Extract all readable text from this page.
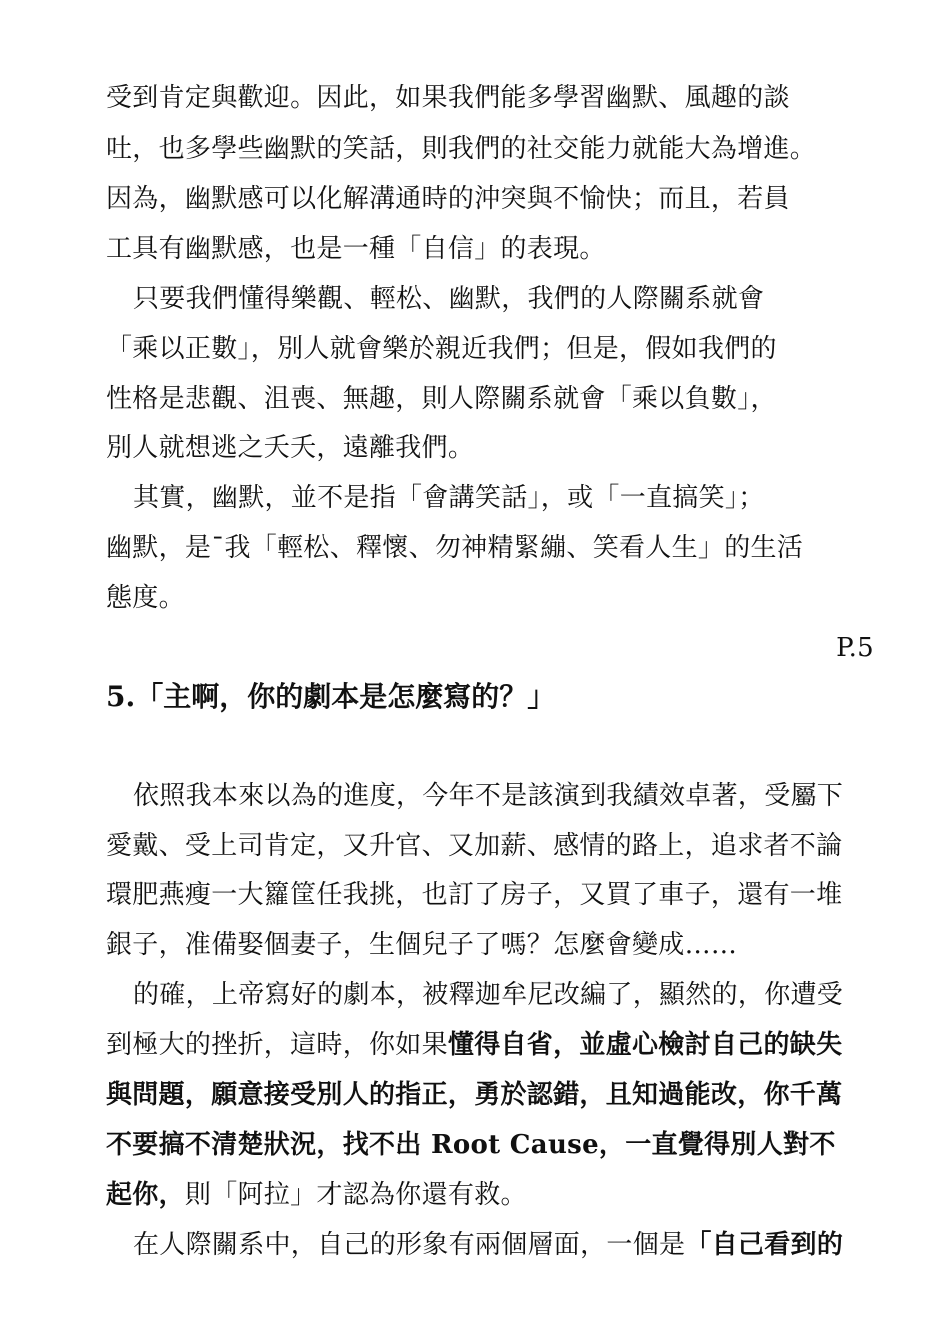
受到肯定與歡迎。因此，如果我們能多學習幽默、風趣的談
吐，也多學些幽默的笑話，則我們的社交能力就能大為增進。
因為，幽默感可以化解溝通時的沖突與不愉快；而且，若員
工具有幽默感，也是一種「自信」的表現。
只要我們懂得樂觀、輕松、幽默，我們的人際關系就會
「乘以正數」，別人就會樂於親近我們；但是，假如我們的
性格是悲觀、沮喪、無趣，則人際關系就會「乘以負數」，
別人就想逃之夭夭，遠離我們。
其實，幽默，並不是指「會講笑話」，或「一直搞笑」；
幽默，是ˉ我「輕松、釋懷、勿神精緊繃、笑看人生」的生活
態度。
P.5
5.「主啊，你的劇本是怎麼寫的？」
依照我本來以為的進度，今年不是該演到我績效卓著，受屬下
愛戴、受上司肯定，又升官、又加薪、感情的路上，追求者不論
環肥燕瘦一大籮筐任我挑，也訂了房子，又買了車子，還有一堆
銀子，准備娶個妻子，生個兒子了嗎？怎麼會變成……
的確，上帝寫好的劇本，被釋迦牟尼改編了，顯然的，你遭受
到極大的挫折，這時，你如果懂得自省，並虛心檢討自己的缺失
與問題，願意接受別人的指正，勇於認錯，且知過能改，你千萬
不要搞不清楚狀況，找不出 Root Cause，一直覺得別人對不
起你，則「阿拉」才認為你還有救。
在人際關系中，自己的形象有兩個層面，一個是「自己看到的
